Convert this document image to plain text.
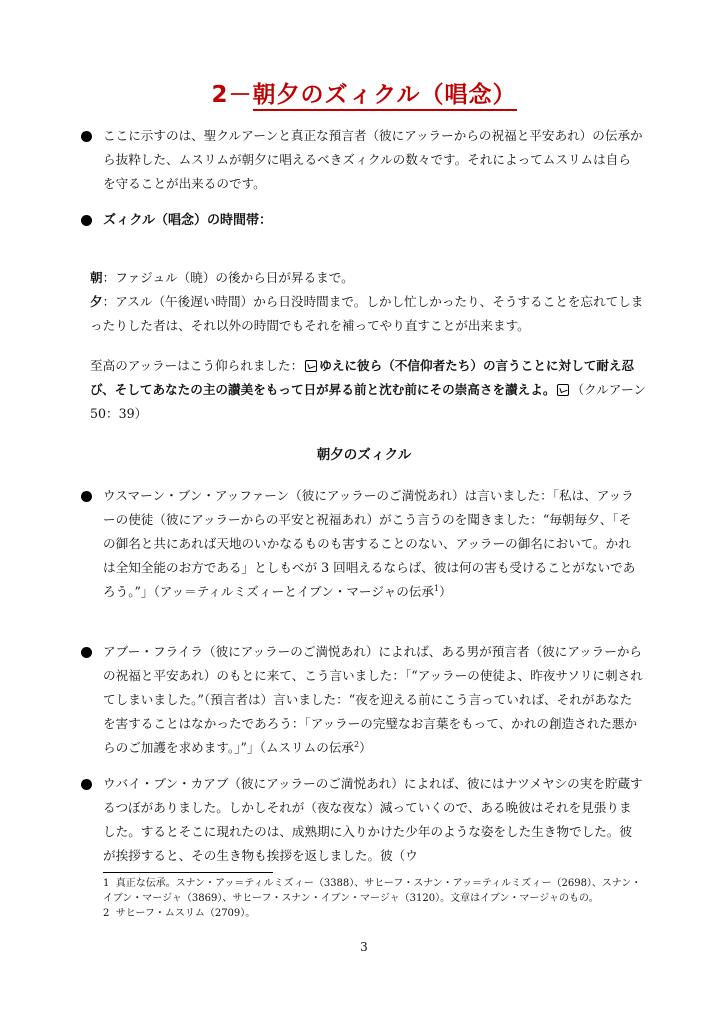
2－朝夕のズィクル（唱念）
ここに示すのは、聖クルアーンと真正な預言者（彼にアッラーからの祝福と平安あれ）の伝承から抜粋した、ムスリムが朝夕に唱えるべきズィクルの数々です。それによってムスリムは自らを守ることが出来るのです。
ズィクル（唱念）の時間帯：
朝：ファジュル（暁）の後から日が昇るまで。
夕：アスル（午後遅い時間）から日没時間まで。しかし忙しかったり、そうすることを忘れてしまったりした者は、それ以外の時間でもそれを補ってやり直すことが出来ます。
至高のアッラーはこう仰られました： ゆえに彼ら（不信仰者たち）の言うことに対して耐え忍び、そしてあなたの主の讃美をもって日が昇る前と沈む前にその崇高さを讃えよ。 （クルアーン 50：39）
朝夕のズィクル
ウスマーン・ブン・アッファーン（彼にアッラーのご満悦あれ）は言いました：「私は、アッラーの使徒（彼にアッラーからの平安と祝福あれ）がこう言うのを聞きました：“毎朝毎夕、「その御名と共にあれば天地のいかなるものも害することのない、アッラーの御名において。かれは全知全能のお方である」としもべが 3 回唱えるならば、彼は何の害も受けることがないであろう。”」（アッ＝ティルミズィーとイブン・マージャの伝承$^1$）
アブー・フライラ（彼にアッラーのご満悦あれ）によれば、ある男が預言者（彼にアッラーからの祝福と平安あれ）のもとに来て、こう言いました：「“アッラーの使徒よ、昨夜サソリに刺されてしまいました。”（預言者は）言いました：“夜を迎える前にこう言っていれば、それがあなたを害することはなかったであろう：「アッラーの完璧なお言葉をもって、かれの創造された悪からのご加護を求めます。」”」（ムスリムの伝承$^2$）
ウバイ・ブン・カアブ（彼にアッラーのご満悦あれ）によれば、彼にはナツメヤシの実を貯蔵するつぼがありました。しかしそれが（夜な夜な）減っていくので、ある晩彼はそれを見張りました。するとそこに現れたのは、成熟期に入りかけた少年のような姿をした生き物でした。彼が挨拶すると、その生き物も挨拶を返しました。彼（ウ
1 真正な伝承。スナン・アッ＝ティルミズィー（3388）、サヒーフ・スナン・アッ＝ティルミズィー（2698）、スナン・イブン・マージャ（3869）、サヒーフ・スナン・イブン・マージャ（3120）。文章はイブン・マージャのもの。
2 サヒーフ・ムスリム（2709）。
3
